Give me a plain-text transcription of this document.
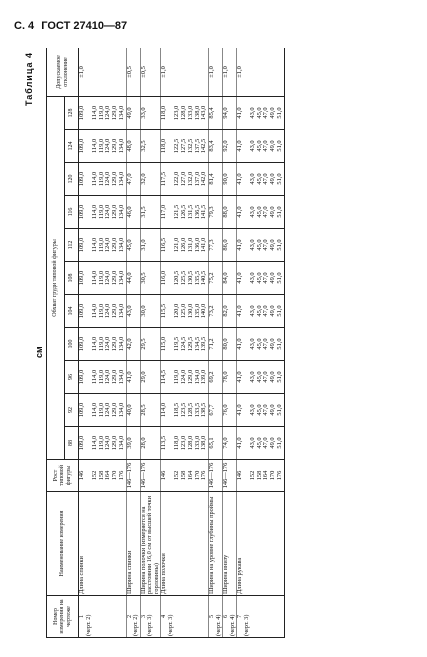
С. 4 ГОСТ 27410—87
Таблица 4
см
Номер измерения на чертеже	Наименование измерения	Рост типовой фигуры	Обхват груди типовой фигуры											Допускаемое отклонение
			88	92	96	100	104	108	112	116	120	124	128	

1 (черт. 2)	Длина спинки	146	109,0	109,0	109,0	109,0	109,0	109,0	109,0	109,0	109,0	109,0	109,0	±1,0

		152	114,0	114,0	114,0	114,0	114,0	114,0	114,0	114,0	114,0	114,0	114,0	

		158	119,0	119,0	119,0	119,0	119,0	119,0	119,0	119,0	119,0	119,0	119,0	

		164	124,0	124,0	124,0	124,0	124,0	124,0	124,0	124,0	124,0	124,0	124,0	

		170	129,0	129,0	129,0	129,0	129,0	129,0	129,0	129,0	129,0	129,0	129,0	

		176	134,0	134,0	134,0	134,0	134,0	134,0	134,0	134,0	134,0	134,0	134,0	

2 (черт. 2)	Ширина спинки	146—176	39,0	40,0	41,0	42,0	43,0	44,0	45,0	46,0	47,0	48,0	49,0	±0,5

3 (черт. 3)	Ширина полочки (измеряется на расстоянии 16,0 см от высшей точки горловины)	146—176	28,0	28,5	29,0	29,5	30,0	30,5	31,0	31,5	32,0	32,5	33,0	±0,5

4 (черт. 3)	Длина полочки	146	113,5	114,0	114,5	115,0	115,5	116,0	116,5	117,0	117,5	118,0	118,0	±1,0

		152	118,0	118,5	119,0	119,5	120,0	120,5	121,0	121,5	122,0	122,5	123,0	

		158	123,0	123,5	124,0	124,5	125,0	125,5	126,0	126,5	127,0	127,5	128,0	

		164	128,0	128,5	129,0	129,5	130,0	130,5	131,0	131,5	132,0	132,5	133,0	

		170	133,0	133,5	134,0	134,5	135,0	135,5	136,0	136,5	137,0	137,5	138,0	

		176	138,0	138,5	139,0	139,5	140,0	140,5	141,0	141,5	142,0	142,5	143,0	

5 (черт. 4)	Ширина на уровне глубины проймы	146—176	65,1	67,7	69,2	71,2	73,2	75,2	77,3	79,3	81,4	83,4	85,4	±1,0

6 (черт. 4)	Ширина внизу	146—176	74,0	76,0	78,0	80,0	82,0	84,0	86,0	88,0	90,0	92,0	94,0	±1,0

7 (черт. 3)	Длина рукава	146	41,0	41,0	41,0	41,0	41,0	41,0	41,0	41,0	41,0	41,0	41,0	±1,0

		152	43,0	43,0	43,0	43,0	43,0	43,0	43,0	43,0	43,0	43,0	43,0	

		158	45,0	45,0	45,0	45,0	45,0	45,0	45,0	45,0	45,0	45,0	45,0	

		164	47,0	47,0	47,0	47,0	47,0	47,0	47,0	47,0	47,0	47,0	47,0	

		170	49,0	49,0	49,0	49,0	49,0	49,0	49,0	49,0	49,0	49,0	49,0	

		176	51,0	51,0	51,0	51,0	51,0	51,0	51,0	51,0	51,0	51,0	51,0	
